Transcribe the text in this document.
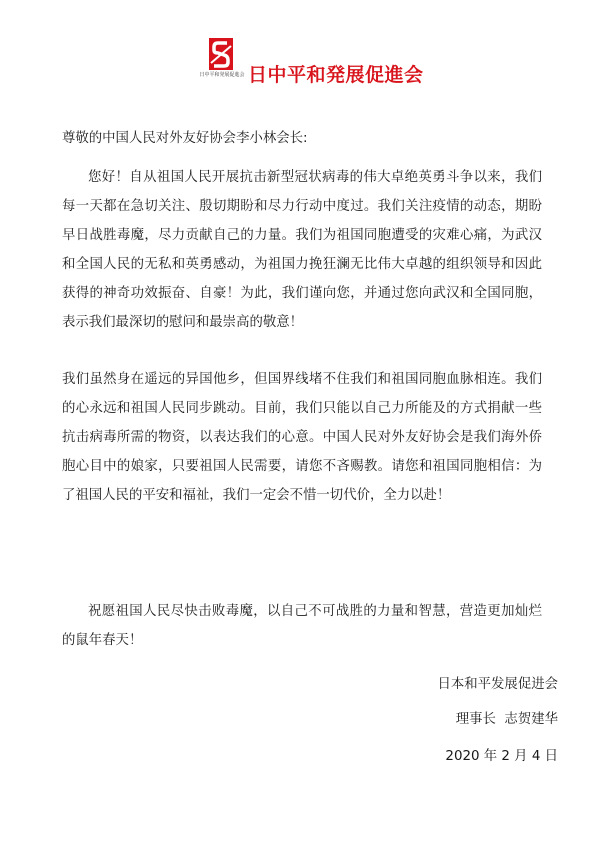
日中平和発展促進会 日中平和発展促進会
尊敬的中国人民对外友好协会李小林会长:
您好！自从祖国人民开展抗击新型冠状病毒的伟大卓绝英勇斗争以来，我们每一天都在急切关注、殷切期盼和尽力行动中度过。我们关注疫情的动态，期盼早日战胜毒魔，尽力贡献自己的力量。我们为祖国同胞遭受的灾难心痛，为武汉和全国人民的无私和英勇感动，为祖国力挽狂澜无比伟大卓越的组织领导和因此获得的神奇功效振奋、自豪！为此，我们谨向您，并通过您向武汉和全国同胞，表示我们最深切的慰问和最崇高的敬意！
我们虽然身在遥远的异国他乡，但国界线堵不住我们和祖国同胞血脉相连。我们的心永远和祖国人民同步跳动。目前，我们只能以自己力所能及的方式捐献一些抗击病毒所需的物资，以表达我们的心意。中国人民对外友好协会是我们海外侨胞心目中的娘家，只要祖国人民需要，请您不吝赐教。请您和祖国同胞相信：为了祖国人民的平安和福祉，我们一定会不惜一切代价，全力以赴！
祝愿祖国人民尽快击败毒魔，以自己不可战胜的力量和智慧，营造更加灿烂的鼠年春天！
日本和平发展促进会
理事长  志贺建华
2020 年 2 月 4 日
